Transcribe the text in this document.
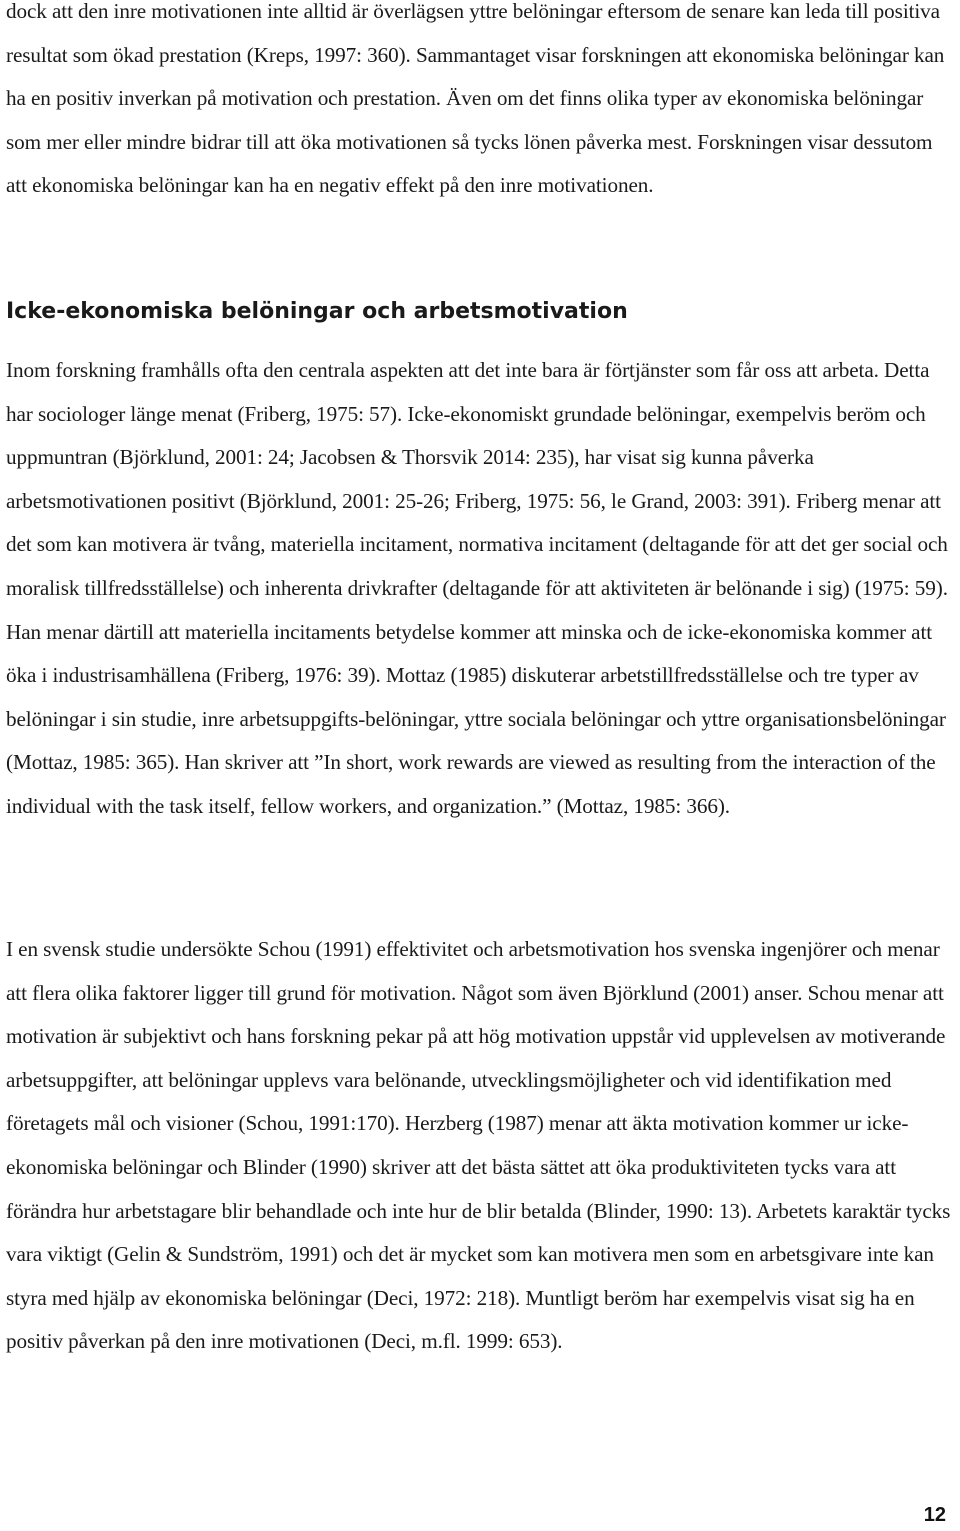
dock att den inre motivationen inte alltid är överlägsen yttre belöningar eftersom de senare kan leda till positiva resultat som ökad prestation (Kreps, 1997: 360). Sammantaget visar forskningen att ekonomiska belöningar kan ha en positiv inverkan på motivation och prestation. Även om det finns olika typer av ekonomiska belöningar som mer eller mindre bidrar till att öka motivationen så tycks lönen påverka mest. Forskningen visar dessutom att ekonomiska belöningar kan ha en negativ effekt på den inre motivationen.

Icke-ekonomiska belöningar och arbetsmotivation

Inom forskning framhålls ofta den centrala aspekten att det inte bara är förtjänster som får oss att arbeta. Detta har sociologer länge menat (Friberg, 1975: 57). Icke-ekonomiskt grundade belöningar, exempelvis beröm och uppmuntran (Björklund, 2001: 24; Jacobsen & Thorsvik 2014: 235), har visat sig kunna påverka arbetsmotivationen positivt (Björklund, 2001: 25-26; Friberg, 1975: 56, le Grand, 2003: 391). Friberg menar att det som kan motivera är tvång, materiella incitament, normativa incitament (deltagande för att det ger social och moralisk tillfredsställelse) och inherenta drivkrafter (deltagande för att aktiviteten är belönande i sig) (1975: 59). Han menar därtill att materiella incitaments betydelse kommer att minska och de icke-ekonomiska kommer att öka i industrisamhällena (Friberg, 1976: 39). Mottaz (1985) diskuterar arbetstillfredsställelse och tre typer av belöningar i sin studie, inre arbetsuppgifts-belöningar, yttre sociala belöningar och yttre organisationsbelöningar (Mottaz, 1985: 365). Han skriver att ”In short, work rewards are viewed as resulting from the interaction of the individual with the task itself, fellow workers, and organization.” (Mottaz, 1985: 366).

I en svensk studie undersökte Schou (1991) effektivitet och arbetsmotivation hos svenska ingenjörer och menar att flera olika faktorer ligger till grund för motivation. Något som även Björklund (2001) anser. Schou menar att motivation är subjektivt och hans forskning pekar på att hög motivation uppstår vid upplevelsen av motiverande arbetsuppgifter, att belöningar upplevs vara belönande, utvecklingsmöjligheter och vid identifikation med företagets mål och visioner (Schou, 1991:170). Herzberg (1987) menar att äkta motivation kommer ur icke-ekonomiska belöningar och Blinder (1990) skriver att det bästa sättet att öka produktiviteten tycks vara att förändra hur arbetstagare blir behandlade och inte hur de blir betalda (Blinder, 1990: 13). Arbetets karaktär tycks vara viktigt (Gelin & Sundström, 1991) och det är mycket som kan motivera men som en arbetsgivare inte kan styra med hjälp av ekonomiska belöningar (Deci, 1972: 218). Muntligt beröm har exempelvis visat sig ha en positiv påverkan på den inre motivationen (Deci, m.fl. 1999: 653).

12
